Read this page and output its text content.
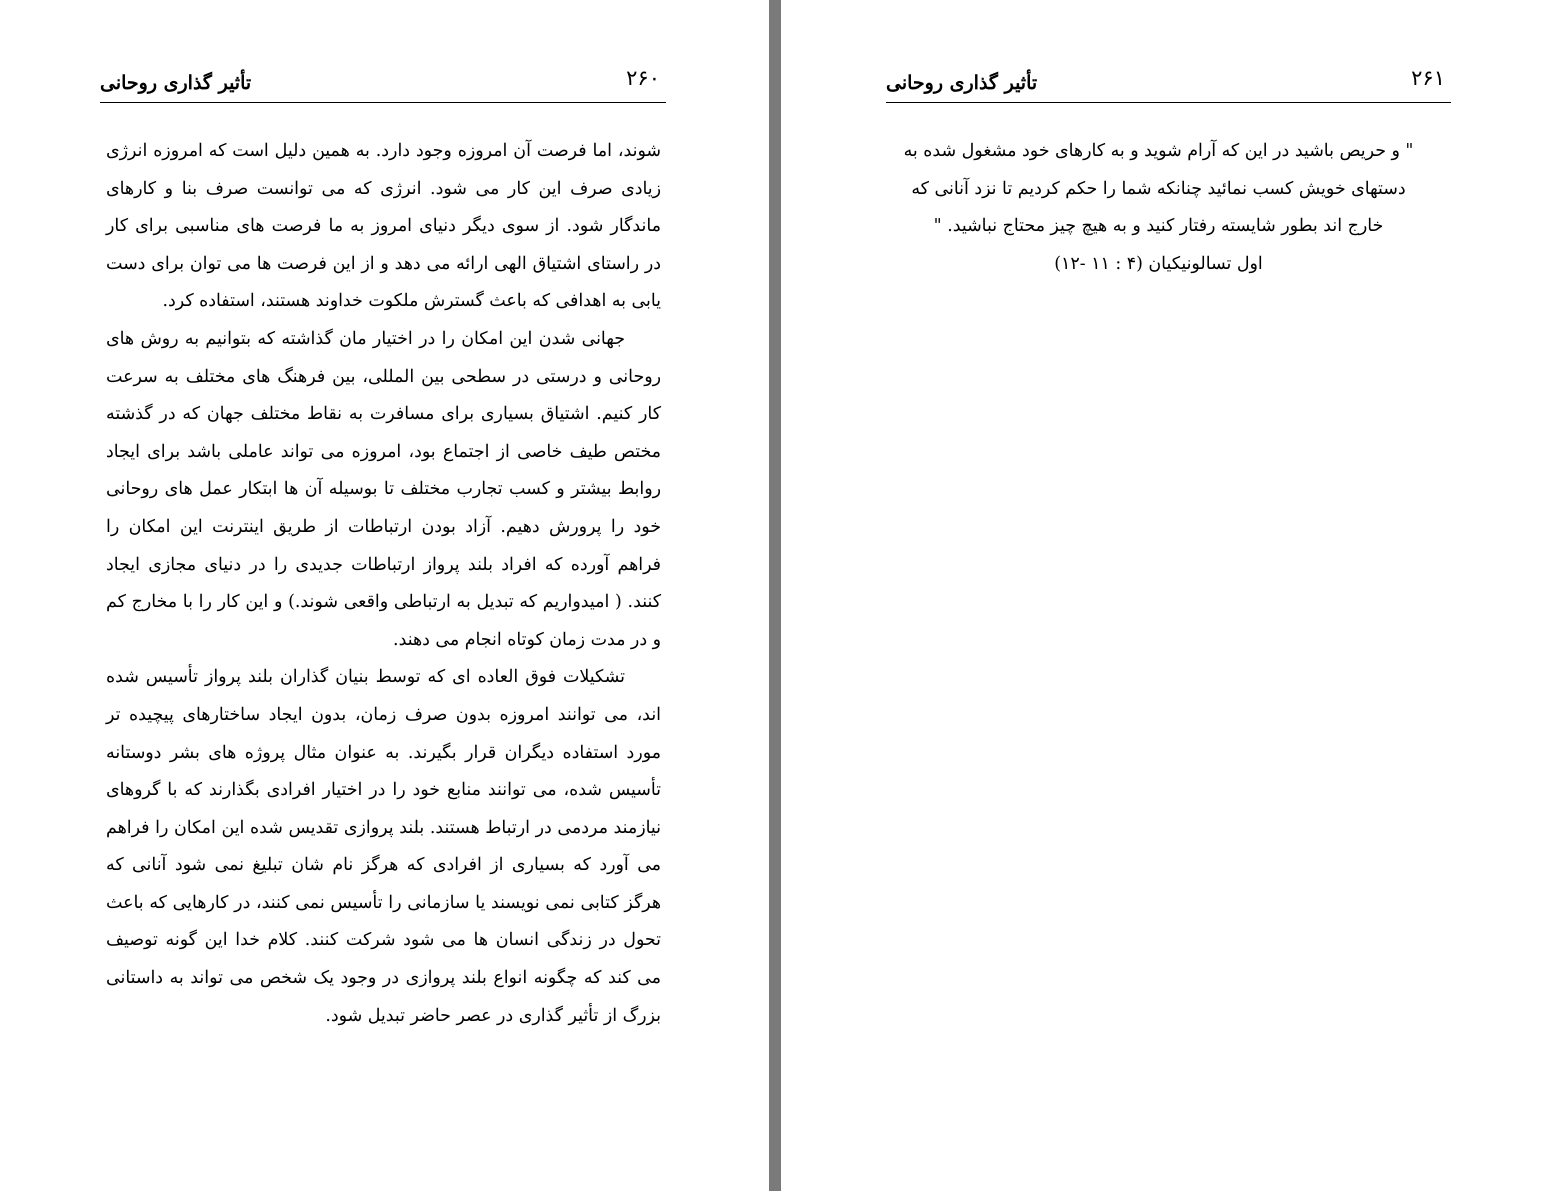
تأثیر گذاری روحانی	۲۶۰

شوند، اما فرصت آن امروزه وجود دارد. به همین دلیل است که امروزه انرژی زیادی صرف این کار می شود. انرژی که می توانست صرف بنا و کارهای ماندگار شود. از سوی دیگر دنیای امروز به ما فرصت های مناسبی برای کار در راستای اشتیاق الهی ارائه می دهد و از این فرصت ها می توان برای دست یابی به اهدافی که باعث گسترش ملکوت خداوند هستند، استفاده کرد.

جهانی شدن این امکان را در اختیار مان گذاشته که بتوانیم به روش های روحانی و درستی در سطحی بین المللی، بین فرهنگ های مختلف به سرعت کار کنیم. اشتیاق بسیاری برای مسافرت به نقاط مختلف جهان که در گذشته مختص طیف خاصی از اجتماع بود، امروزه می تواند عاملی باشد برای ایجاد روابط بیشتر و کسب تجارب مختلف تا بوسیله آن ها ابتکار عمل های روحانی خود را پرورش دهیم. آزاد بودن ارتباطات از طریق اینترنت این امکان را فراهم آورده که افراد بلند پرواز ارتباطات جدیدی را در دنیای مجازی ایجاد کنند. ( امیدواریم که تبدیل به ارتباطی واقعی شوند.) و این کار را با مخارج کم و در مدت زمان کوتاه انجام می دهند.

تشکیلات فوق العاده ای که توسط بنیان گذاران بلند پرواز تأسیس شده اند، می توانند امروزه بدون صرف زمان، بدون ایجاد ساختارهای پیچیده تر مورد استفاده دیگران قرار بگیرند. به عنوان مثال پروژه های بشر دوستانه تأسیس شده، می توانند منابع خود را در اختیار افرادی بگذارند که با گروهای نیازمند مردمی در ارتباط هستند. بلند پروازی تقدیس شده این امکان را فراهم می آورد که بسیاری از افرادی که هرگز نام شان تبلیغ نمی شود آنانی که هرگز کتابی نمی نویسند یا سازمانی را تأسیس نمی کنند، در کارهایی که باعث تحول در زندگی انسان ها می شود شرکت کنند. کلام خدا این گونه توصیف می کند که چگونه انواع بلند پروازی در وجود یک شخص می تواند به داستانی بزرگ از تأثیر گذاری در عصر حاضر تبدیل شود.

تأثیر گذاری روحانی	۲۶۱

" و حریص باشید در این که آرام شوید و به کارهای خود مشغول شده به

دستهای خویش کسب نمائید چنانکه شما را حکم کردیم تا نزد آنانی که

خارج اند بطور شایسته رفتار کنید و به هیچ چیز محتاج نباشید. "

اول تسالونیکیان (۴ : ۱۱ -۱۲)
